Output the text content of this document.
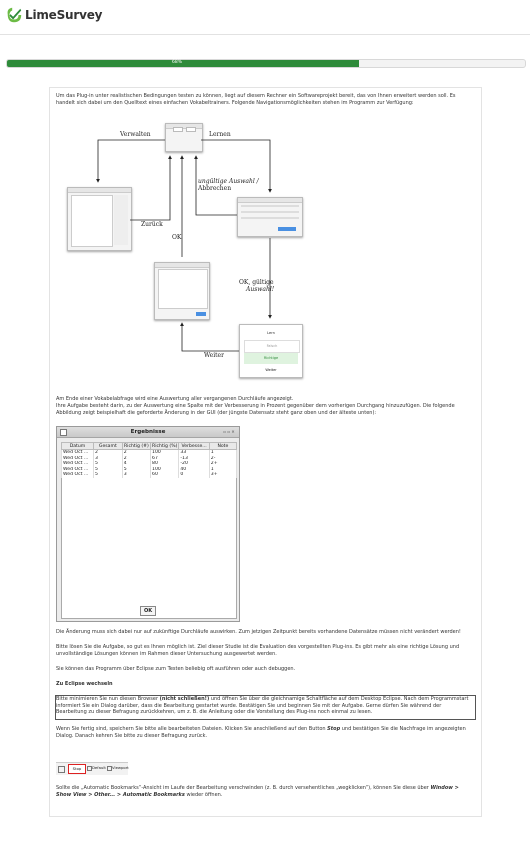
LimeSurvey
68%
Um das Plug-in unter realistischen Bedingungen testen zu können, liegt auf diesem Rechner ein Softwareprojekt bereit, das von Ihnen erweitert werden soll. Es handelt sich dabei um den Quelltext eines einfachen Vokabeltrainers. Folgende Navigationsmöglichkeiten stehen im Programm zur Verfügung:
Lern
Falsch
Richtige
Weiter
Verwalten	Lernen
ungültige Auswahl /
Abbrechen
Zurück
OK
OK, gültige
Auswahl!
Weiter
Am Ende einer Vokabelabfrage wird eine Auswertung aller vergangenen Durchläufe angezeigt.
Ihre Aufgabe besteht darin, zu der Auswertung eine Spalte mit der Verbesserung in Prozent gegenüber dem vorherigen Durchgang hinzuzufügen. Die folgende Abbildung zeigt beispielhaft die geforderte Änderung in der GUI (der jüngste Datensatz steht ganz oben und der älteste unten):
Ergebnisse	▫ ▫ ✕
Datum	Gesamt	Richtig (#)	Richtig (%)	Verbesse...	Note
Wed Oct ...	2	2	100	33	1
Wed Oct ...	3	2	67	-13	2-
Wed Oct ...	5	4	80	-20	2+
Wed Oct ...	5	5	100	40	1
Wed Oct ...	5	3	60	0	3+
OK
Die Änderung muss sich dabei nur auf zukünftige Durchläufe auswirken. Zum jetzigen Zeitpunkt bereits vorhandene Datensätze müssen nicht verändert werden!
Bitte lösen Sie die Aufgabe, so gut es Ihnen möglich ist. Ziel dieser Studie ist die Evaluation des vorgestellten Plug-ins. Es gibt mehr als eine richtige Lösung und unvollständige Lösungen können im Rahmen dieser Untersuchung ausgewertet werden.
Sie können das Programm über Eclipse zum Testen beliebig oft ausführen oder auch debuggen.
Zu Eclipse wechseln
Bitte minimieren Sie nun diesen Browser (nicht schließen!) und öffnen Sie über die gleichnamige Schaltfläche auf dem Desktop Eclipse. Nach dem Programmstart informiert Sie ein Dialog darüber, dass die Bearbeitung gestartet wurde. Bestätigen Sie und beginnen Sie mit der Aufgabe. Gerne dürfen Sie während der Bearbeitung zu dieser Befragung zurückkehren, um z. B. die Anleitung oder die Vorstellung des Plug-ins noch einmal zu lesen.
Wenn Sie fertig sind, speichern Sie bitte alle bearbeiteten Dateien. Klicken Sie anschließend auf den Button Stop und bestätigen Sie die Nachfrage im angezeigten Dialog. Danach kehren Sie bitte zu dieser Befragung zurück.
Stop	Default Viewport
Sollte die „Automatic Bookmarks“-Ansicht im Laufe der Bearbeitung verschwinden (z. B. durch versehentliches „wegklicken“), können Sie diese über Window > Show View > Other... > Automatic Bookmarks wieder öffnen.
